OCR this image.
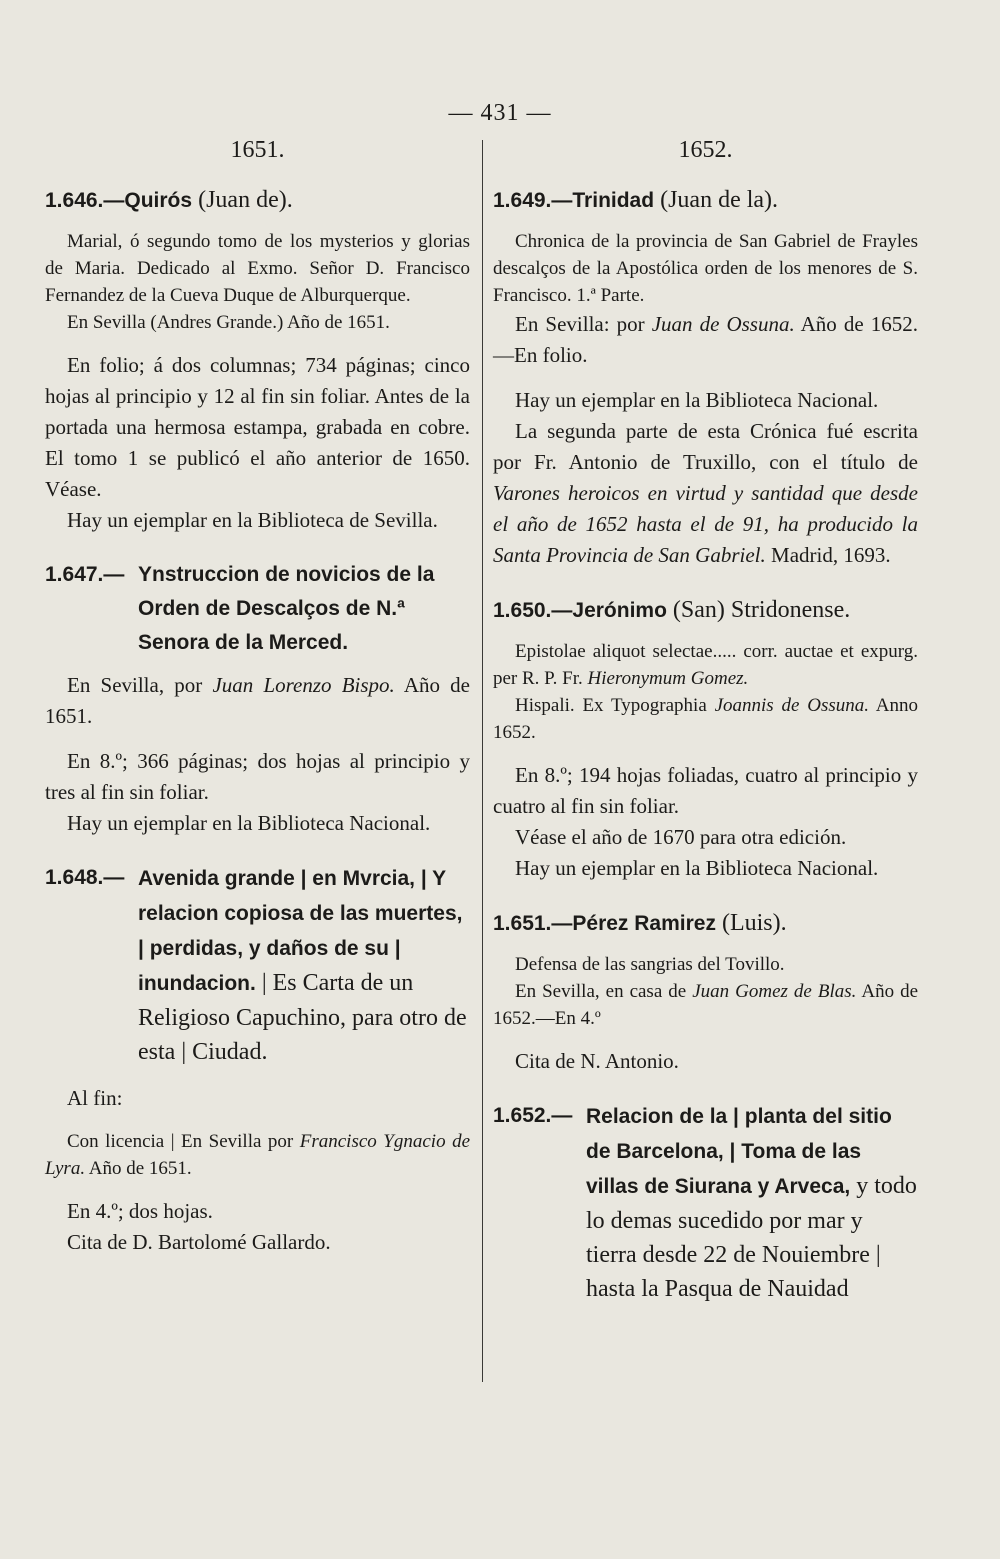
— 431 —
1651.
1.646.—Quirós (Juan de).

Marial, ó segundo tomo de los mysterios y glorias de Maria. Dedicado al Exmo. Señor D. Francisco Fernandez de la Cueva Duque de Alburquerque.

En Sevilla (Andres Grande.) Año de 1651.

En folio; á dos columnas; 734 páginas; cinco hojas al principio y 12 al fin sin foliar. Antes de la portada una hermosa estampa, grabada en cobre. El tomo 1 se publicó el año anterior de 1650. Véase.

Hay un ejemplar en la Biblioteca de Sevilla.

1.647.— Ynstruccion de novicios de la Orden de Descalços de N.ª Senora de la Merced.

En Sevilla, por Juan Lorenzo Bispo. Año de 1651.

En 8.º; 366 páginas; dos hojas al principio y tres al fin sin foliar.

Hay un ejemplar en la Biblioteca Nacional.

1.648.— Avenida grande | en Mvrcia, | Y relacion copiosa de las muertes, | perdidas, y daños de su | inundacion. | Es Carta de un Religioso Capuchino, para otro de esta | Ciudad.

Al fin:

Con licencia | En Sevilla por Francisco Ygnacio de Lyra. Año de 1651.

En 4.º; dos hojas.

Cita de D. Bartolomé Gallardo.

1652.
1.649.—Trinidad (Juan de la).

Chronica de la provincia de San Gabriel de Frayles descalços de la Apostólica orden de los menores de S. Francisco. 1.ª Parte.

En Sevilla: por Juan de Ossuna. Año de 1652.—En folio.

Hay un ejemplar en la Biblioteca Nacional.

La segunda parte de esta Crónica fué escrita por Fr. Antonio de Truxillo, con el título de Varones heroicos en virtud y santidad que desde el año de 1652 hasta el de 91, ha producido la Santa Provincia de San Gabriel. Madrid, 1693.

1.650.—Jerónimo (San) Stridonense.

Epistolae aliquot selectae..... corr. auctae et expurg. per R. P. Fr. Hieronymum Gomez.

Hispali. Ex Typographia Joannis de Ossuna. Anno 1652.

En 8.º; 194 hojas foliadas, cuatro al principio y cuatro al fin sin foliar.

Véase el año de 1670 para otra edición.

Hay un ejemplar en la Biblioteca Nacional.

1.651.—Pérez Ramirez (Luis).

Defensa de las sangrias del Tovillo.

En Sevilla, en casa de Juan Gomez de Blas. Año de 1652.—En 4.º

Cita de N. Antonio.

1.652.— Relacion de la | planta del sitio de Barcelona, | Toma de las villas de Siurana y Arveca, y todo lo demas sucedido por mar y tierra desde 22 de Nouiembre | hasta la Pasqua de Nauidad
